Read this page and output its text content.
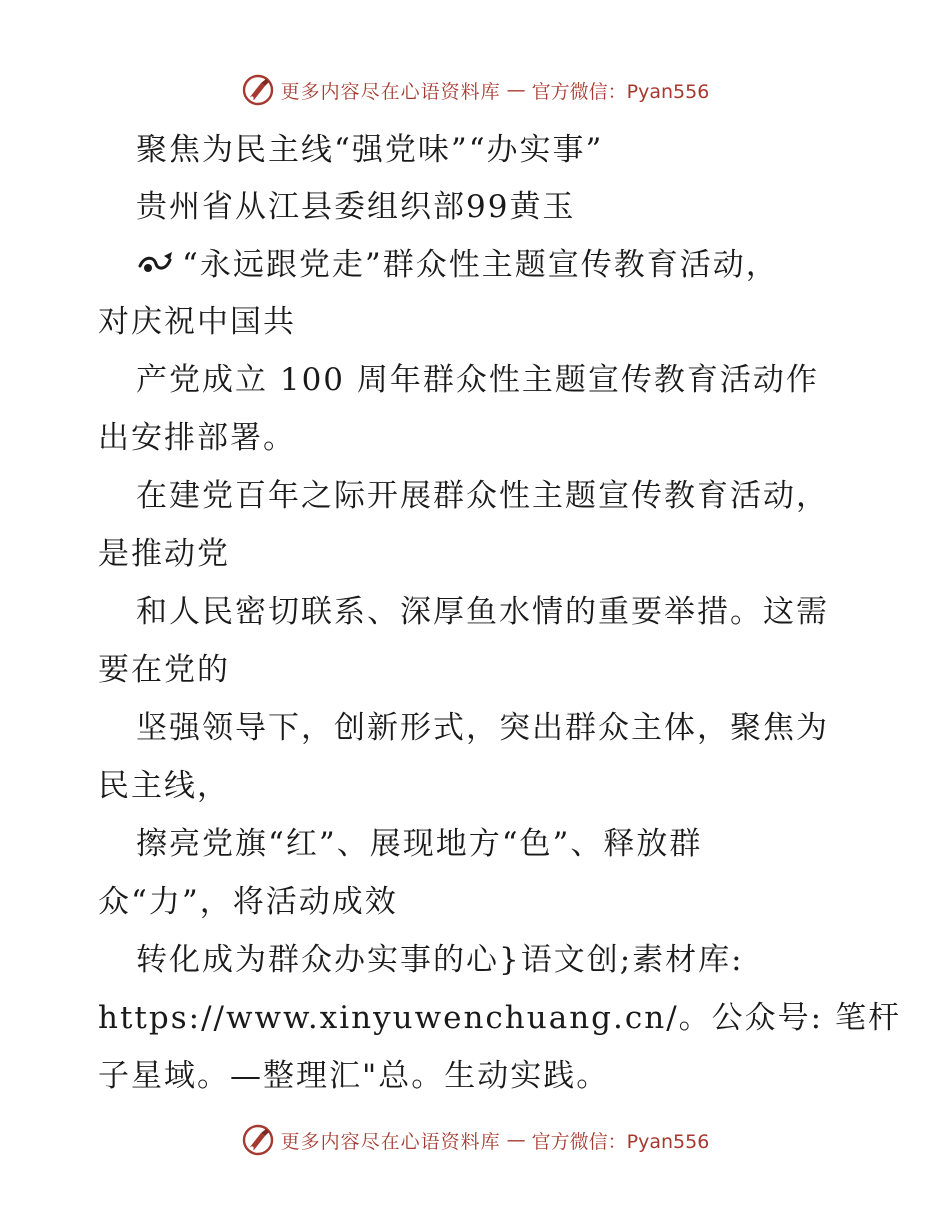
更多内容尽在心语资料库 — 官方微信：Pyan556
聚焦为民主线“强党味”“办实事”
贵州省从江县委组织部99黄玉
“永远跟党走”群众性主题宣传教育活动，
对庆祝中国共
产党成立 100 周年群众性主题宣传教育活动作
出安排部署。
在建党百年之际开展群众性主题宣传教育活动，
是推动党
和人民密切联系、深厚鱼水情的重要举措。这需
要在党的
坚强领导下，创新形式，突出群众主体，聚焦为
民主线，
擦亮党旗“红”、展现地方“色”、释放群
众“力”，将活动成效
转化成为群众办实事的心}语文创;素材库:
https://www.xinyuwenchuang.cn/。公众号: 笔杆
子星域。—整理汇"总。生动实践。
更多内容尽在心语资料库 — 官方微信：Pyan556
